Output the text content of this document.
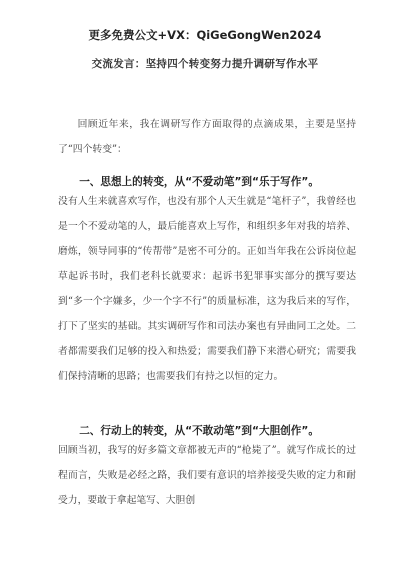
更多免费公文+VX：QiGeGongWen2024
交流发言：坚持四个转变努力提升调研写作水平

回顾近年来，我在调研写作方面取得的点滴成果，主要是坚持了“四个转变”：

一、思想上的转变，从“不爱动笔”到“乐于写作”。

没有人生来就喜欢写作，也没有那个人天生就是“笔杆子”，我曾经也是一个不爱动笔的人，最后能喜欢上写作，和组织多年对我的培养、磨炼，领导同事的“传帮带”是密不可分的。正如当年我在公诉岗位起草起诉书时，我们老科长就要求：起诉书犯罪事实部分的撰写要达到“多一个字嫌多，少一个字不行”的质量标准，这为我后来的写作，打下了坚实的基础。其实调研写作和司法办案也有异曲同工之处。二者都需要我们足够的投入和热爱；需要我们静下来潜心研究；需要我们保持清晰的思路；也需要我们有持之以恒的定力。

二、行动上的转变，从“不敢动笔”到“大胆创作”。

回顾当初，我写的好多篇文章都被无声的“枪毙了”。就写作成长的过程而言，失败是必经之路，我们要有意识的培养接受失败的定力和耐受力，要敢于拿起笔写、大胆创
